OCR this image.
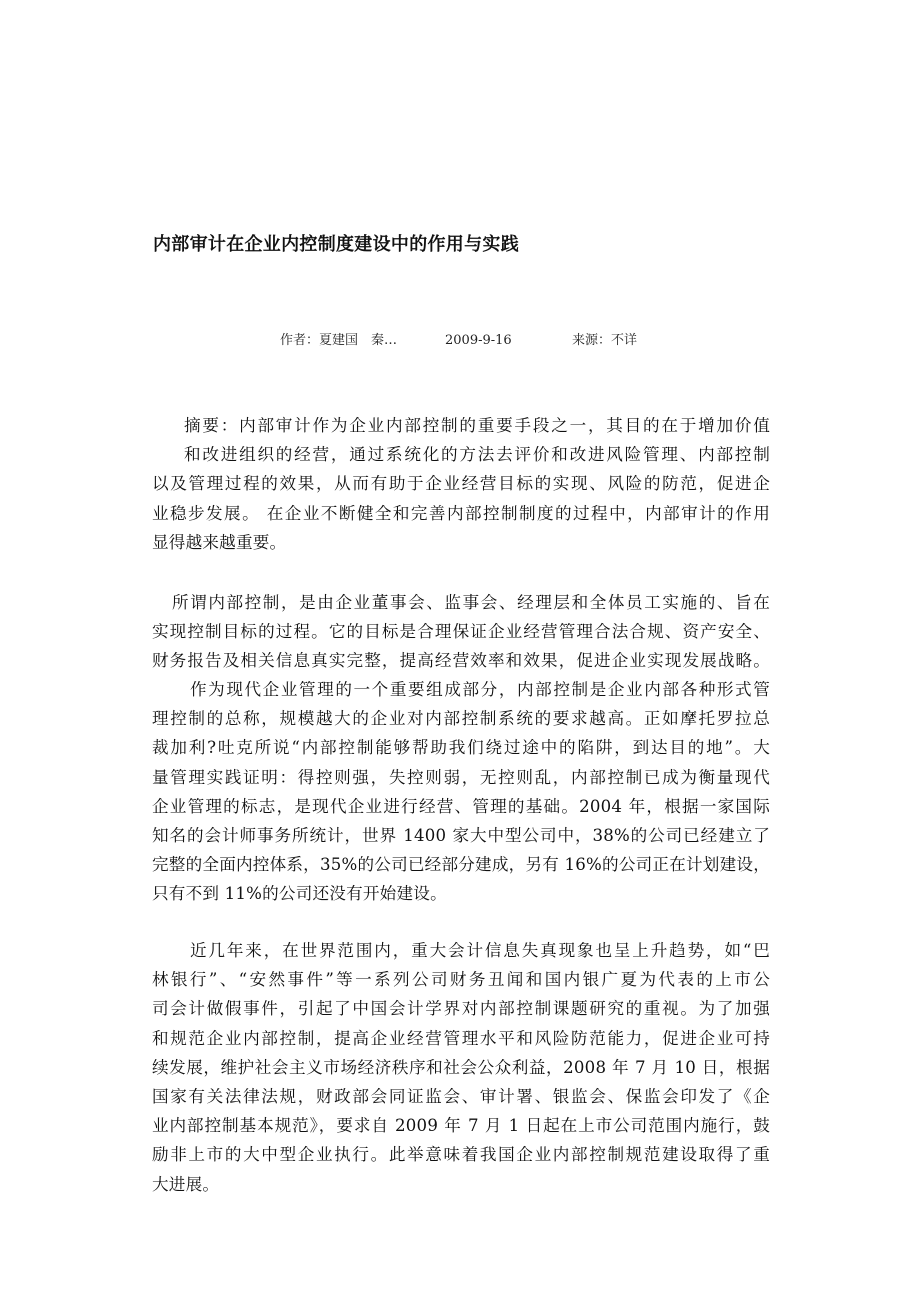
内部审计在企业内控制度建设中的作用与实践
作者：夏建国　秦…	2009-9-16	来源：不详
摘要：内部审计作为企业内部控制的重要手段之一，其目的在于增加价值
和改进组织的经营，通过系统化的方法去评价和改进风险管理、内部控制
以及管理过程的效果，从而有助于企业经营目标的实现、风险的防范，促进企
业稳步发展。 在企业不断健全和完善内部控制制度的过程中，内部审计的作用
显得越来越重要。
所谓内部控制，是由企业董事会、监事会、经理层和全体员工实施的、旨在
实现控制目标的过程。它的目标是合理保证企业经营管理合法合规、资产安全、
财务报告及相关信息真实完整，提高经营效率和效果，促进企业实现发展战略。
作为现代企业管理的一个重要组成部分，内部控制是企业内部各种形式管
理控制的总称，规模越大的企业对内部控制系统的要求越高。正如摩托罗拉总
裁加利?吐克所说“内部控制能够帮助我们绕过途中的陷阱，到达目的地”。大
量管理实践证明：得控则强，失控则弱，无控则乱，内部控制已成为衡量现代
企业管理的标志，是现代企业进行经营、管理的基础。2004 年，根据一家国际
知名的会计师事务所统计，世界 1400 家大中型公司中，38%的公司已经建立了
完整的全面内控体系，35%的公司已经部分建成，另有 16%的公司正在计划建设，
只有不到 11%的公司还没有开始建设。
近几年来，在世界范围内，重大会计信息失真现象也呈上升趋势，如“巴
林银行”、“安然事件”等一系列公司财务丑闻和国内银广夏为代表的上市公
司会计做假事件，引起了中国会计学界对内部控制课题研究的重视。为了加强
和规范企业内部控制，提高企业经营管理水平和风险防范能力，促进企业可持
续发展，维护社会主义市场经济秩序和社会公众利益，2008 年 7 月 10 日，根据
国家有关法律法规，财政部会同证监会、审计署、银监会、保监会印发了《企
业内部控制基本规范》，要求自 2009 年 7 月 1 日起在上市公司范围内施行，鼓
励非上市的大中型企业执行。此举意味着我国企业内部控制规范建设取得了重
大进展。
